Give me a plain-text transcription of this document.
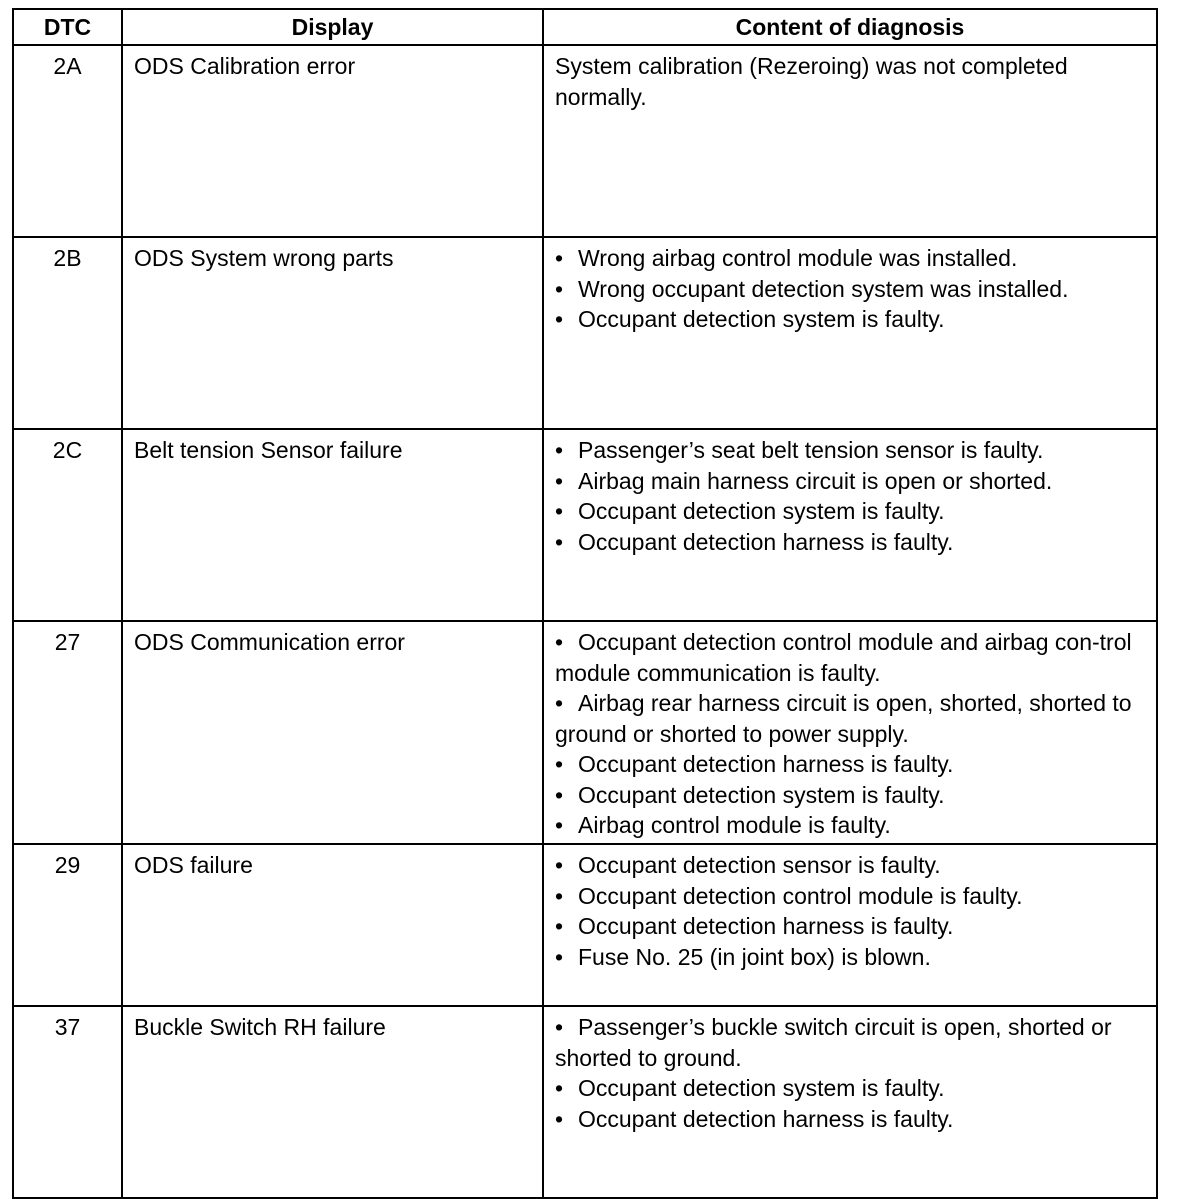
DTC	Display	Content of diagnosis
2A	ODS Calibration error	System calibration (Rezeroing) was not completed normally.

2B	ODS System wrong parts	• Wrong airbag control module was installed.
• Wrong occupant detection system was installed.
• Occupant detection system is faulty.

2C	Belt tension Sensor failure	• Passenger’s seat belt tension sensor is faulty.
• Airbag main harness circuit is open or shorted.
• Occupant detection system is faulty.
• Occupant detection harness is faulty.

27	ODS Communication error	• Occupant detection control module and airbag con-trol module communication is faulty.
• Airbag rear harness circuit is open, shorted, shorted to ground or shorted to power supply.
• Occupant detection harness is faulty.
• Occupant detection system is faulty.
• Airbag control module is faulty.

29	ODS failure	• Occupant detection sensor is faulty.
• Occupant detection control module is faulty.
• Occupant detection harness is faulty.
• Fuse No. 25 (in joint box) is blown.

37	Buckle Switch RH failure	• Passenger’s buckle switch circuit is open, shorted or shorted to ground.
• Occupant detection system is faulty.
• Occupant detection harness is faulty.
